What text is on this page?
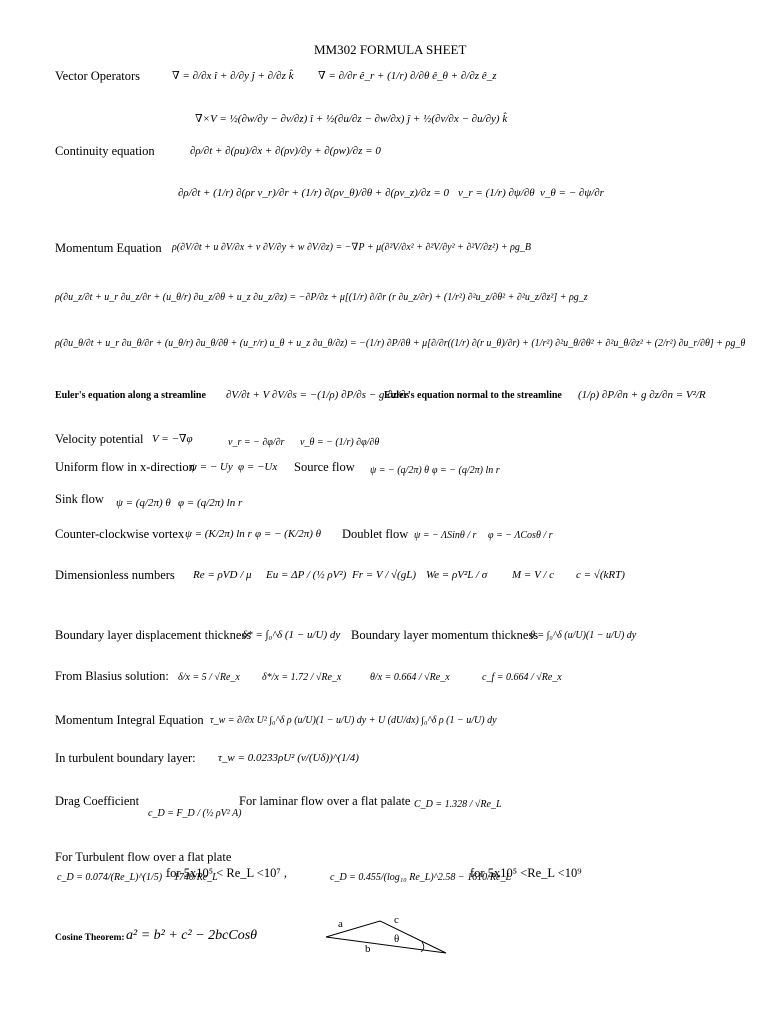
MM302 FORMULA SHEET
Vector Operators	∇ = ∂/∂x î + ∂/∂y ĵ + ∂/∂z k̂ ∇ = ∂/∂r ê_r + (1/r) ∂/∂θ ê_θ + ∂/∂z ê_z
∇×V = ½(∂w/∂y − ∂v/∂z) î + ½(∂u/∂z − ∂w/∂x) ĵ + ½(∂v/∂x − ∂u/∂y) k̂
Continuity equation	∂ρ/∂t + ∂(ρu)/∂x + ∂(ρv)/∂y + ∂(ρw)/∂z = 0
∂ρ/∂t + (1/r) ∂(ρr v_r)/∂r + (1/r) ∂(ρv_θ)/∂θ + ∂(ρv_z)/∂z = 0 v_r = (1/r) ∂ψ/∂θ v_θ = − ∂ψ/∂r
Momentum Equation ρ(∂V/∂t + u ∂V/∂x + v ∂V/∂y + w ∂V/∂z) = −∇P + μ(∂²V/∂x² + ∂²V/∂y² + ∂²V/∂z²) + ρg_B
ρ(∂u_z/∂t + u_r ∂u_z/∂r + (u_θ/r) ∂u_z/∂θ + u_z ∂u_z/∂z) = −∂P/∂z + μ[(1/r) ∂/∂r (r ∂u_z/∂r) + (1/r²) ∂²u_z/∂θ² + ∂²u_z/∂z²] + ρg_z
ρ(∂u_θ/∂t + u_r ∂u_θ/∂r + (u_θ/r) ∂u_θ/∂θ + (u_r/r) u_θ + u_z ∂u_θ/∂z) = −(1/r) ∂P/∂θ + μ[∂/∂r((1/r) ∂(r u_θ)/∂r) + (1/r²) ∂²u_θ/∂θ² + ∂²u_θ/∂z² + (2/r²) ∂u_r/∂θ] + ρg_θ
Euler's equation along a streamline ∂V/∂t + V ∂V/∂s = −(1/ρ) ∂P/∂s − g ∂z/∂s
Euler's equation normal to the streamline (1/ρ) ∂P/∂n + g ∂z/∂n = V²/R
Velocity potential V = −∇φ	v_r = − ∂φ/∂r v_θ = − (1/r) ∂φ/∂θ
Uniform flow in x-direction
ψ = − Uy φ = −Ux Source flow ψ = − (q/2π) θ φ = − (q/2π) ln r
Sink flow ψ = (q/2π) θ φ = (q/2π) ln r
Counter-clockwise vortex ψ = (K/2π) ln r φ = − (K/2π) θ Doublet flow ψ = − ΛSinθ / r φ = − ΛCosθ / r
Dimensionless numbers Re = ρVD / μ Eu = ΔP / (½ ρV²) Fr = V / √(gL) We = ρV²L / σ M = V / c c = √(kRT)
Boundary layer displacement thickness
δ* = ∫₀^δ (1 − u/U) dy Boundary layer momentum thickness
θ = ∫₀^δ (u/U)(1 − u/U) dy
From Blasius solution: δ/x = 5 / √Re_x δ*/x = 1.72 / √Re_x	θ/x = 0.664 / √Re_x	c_f = 0.664 / √Re_x
Momentum Integral Equation τ_w = ∂/∂x U² ∫₀^δ ρ (u/U)(1 − u/U) dy + U (dU/dx) ∫₀^δ ρ (1 − u/U) dy
In turbulent boundary layer: τ_w = 0.0233ρU² (ν/(Uδ))^(1/4)
Drag Coefficient
c_D = F_D / (½ ρV² A)
For laminar flow over a flat palate C_D = 1.328 / √Re_L
For Turbulent flow over a flat plate
c_D = 0.074/(Re_L)^(1/5) − 1740/Re_L
for 5x10⁵ < Re_L <10⁷ ,	c_D = 0.455/(log₁₀ Re_L)^2.58 − 1610/Re_L
for 5x10⁵ <Re_L <10⁹
Cosine Theorem: a² = b² + c² − 2bcCosθ
a	c
θ
b
